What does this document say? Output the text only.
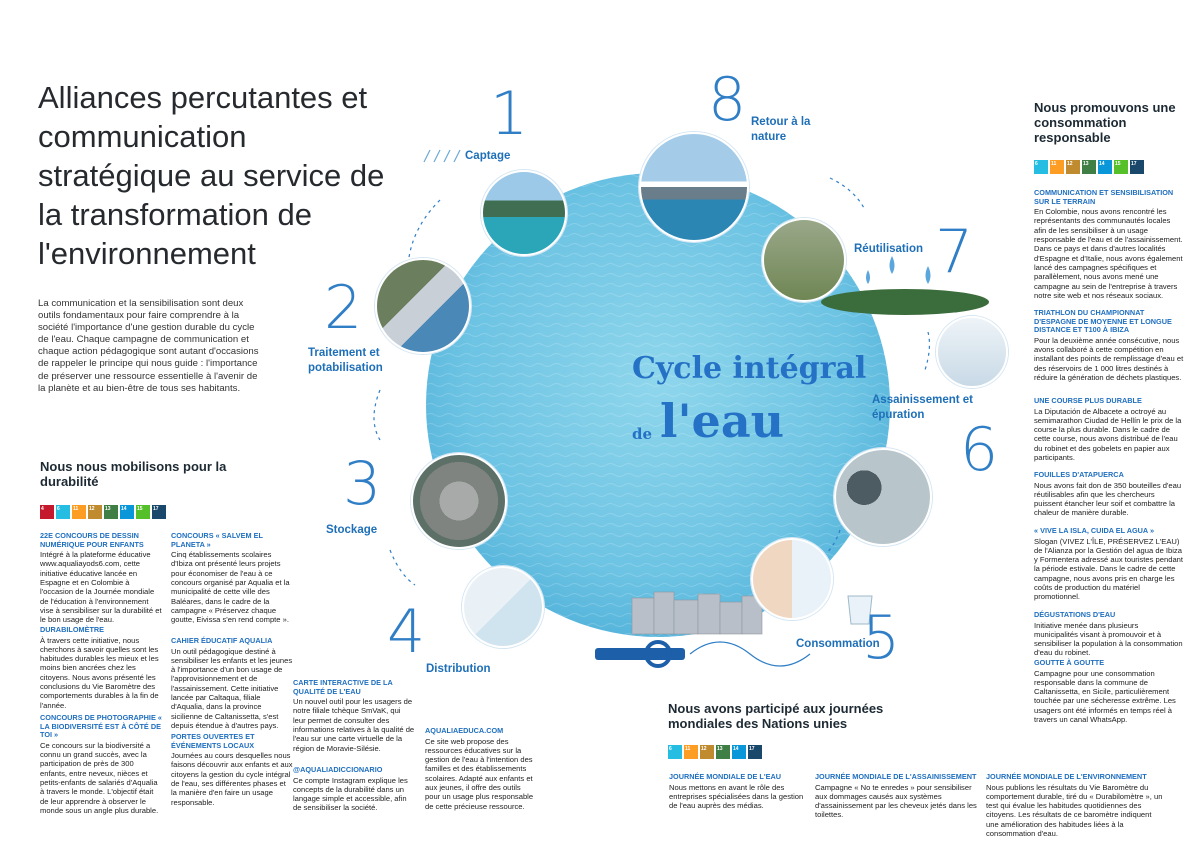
Alliances percutantes et communication stratégique au service de la transformation de l'environnement
La communication et la sensibilisation sont deux outils fondamentaux pour faire comprendre à la société l'importance d'une gestion durable du cycle de l'eau. Chaque campagne de communication et chaque action pédagogique sont autant d'occasions de rappeler le principe qui nous guide : l'importance de préserver une ressource essentielle à l'avenir de la planète et au bien-être de tous ses habitants.
Cycle intégral
de l'eau
1
Captage
2
Traitement et potabilisation
3
Stockage
4
Distribution	5
Consommation
6
Assainissement et épuration
7
Réutilisation
8 Retour à la nature
Nous nous mobilisons pour la durabilité
4	6	11	12	13	14	15	17
22E CONCOURS DE DESSIN NUMÉRIQUE POUR ENFANTS
Intégré à la plateforme éducative www.aqualiayods6.com, cette initiative éducative lancée en Espagne et en Colombie à l'occasion de la Journée mondiale de l'éducation à l'environnement vise à sensibiliser sur la durabilité et le bon usage de l'eau.
DURABILOMÈTRE
À travers cette initiative, nous cherchons à savoir quelles sont les habitudes durables les mieux et les moins bien ancrées chez les citoyens. Nous avons présenté les conclusions du Vie Baromètre des comportements durables à la fin de l'année.
CONCOURS DE PHOTOGRAPHIE « LA BIODIVERSITÉ EST À CÔTÉ DE TOI »
Ce concours sur la biodiversité a connu un grand succès, avec la participation de près de 300 enfants, entre neveux, nièces et petits-enfants de salariés d'Aqualia à travers le monde. L'objectif était de leur apprendre à observer le monde sous un angle plus durable.
CONCOURS « SALVEM EL PLANETA »
Cinq établissements scolaires d'Ibiza ont présenté leurs projets pour économiser de l'eau à ce concours organisé par Aqualia et la municipalité de cette ville des Baléares, dans le cadre de la campagne « Préservez chaque goutte, Eivissa s'en rend compte ».
CAHIER ÉDUCATIF AQUALIA
Un outil pédagogique destiné à sensibiliser les enfants et les jeunes à l'importance d'un bon usage de l'approvisionnement et de l'assainissement. Cette initiative lancée par Caltaqua, filiale d'Aqualia, dans la province sicilienne de Caltanissetta, s'est depuis étendue à d'autres pays.
PORTES OUVERTES ET ÉVÉNEMENTS LOCAUX
Journées au cours desquelles nous faisons découvrir aux enfants et aux citoyens la gestion du cycle intégral de l'eau, ses différentes phases et la manière d'en faire un usage responsable.
CARTE INTERACTIVE DE LA QUALITÉ DE L'EAU
Un nouvel outil pour les usagers de notre filiale tchèque SmVaK, qui leur permet de consulter des informations relatives à la qualité de l'eau sur une carte virtuelle de la région de Moravie-Silésie.
@AQUALIADICCIONARIO
Ce compte Instagram explique les concepts de la durabilité dans un langage simple et accessible, afin de sensibiliser la société.
AQUALIAEDUCA.COM
Ce site web propose des ressources éducatives sur la gestion de l'eau à l'intention des familles et des établissements scolaires. Adapté aux enfants et aux jeunes, il offre des outils pour un usage plus responsable de cette précieuse ressource.
Nous promouvons une consommation responsable
6	11	12	13	14	15	17
COMMUNICATION ET SENSIBILISATION SUR LE TERRAIN
En Colombie, nous avons rencontré les représentants des communautés locales afin de les sensibiliser à un usage responsable de l'eau et de l'assainissement. Dans ce pays et dans d'autres localités d'Espagne et d'Italie, nous avons également lancé des campagnes spécifiques et parallèlement, nous avons mené une campagne au sein de l'entreprise à travers notre site web et nos réseaux sociaux.
TRIATHLON DU CHAMPIONNAT D'ESPAGNE DE MOYENNE ET LONGUE DISTANCE ET T100 À IBIZA
Pour la deuxième année consécutive, nous avons collaboré à cette compétition en installant des points de remplissage d'eau et des réservoirs de 1 000 litres destinés à réduire la génération de déchets plastiques.
UNE COURSE PLUS DURABLE
La Diputación de Albacete a octroyé au semimarathon Ciudad de Hellín le prix de la course la plus durable. Dans le cadre de cette course, nous avons distribué de l'eau du robinet et des gobelets en papier aux participants.
FOUILLES D'ATAPUERCA
Nous avons fait don de 350 bouteilles d'eau réutilisables afin que les chercheurs puissent étancher leur soif et combattre la chaleur de manière durable.
« VIVE LA ISLA, CUIDA EL AGUA »
Slogan (VIVEZ L'ÎLE, PRÉSERVEZ L'EAU) de l'Alianza por la Gestión del agua de Ibiza y Formentera adressé aux touristes pendant la période estivale. Dans le cadre de cette campagne, nous avons pris en charge les coûts de production du matériel promotionnel.
DÉGUSTATIONS D'EAU
Initiative menée dans plusieurs municipalités visant à promouvoir et à sensibiliser la population à la consommation d'eau du robinet.
GOUTTE À GOUTTE
Campagne pour une consommation responsable dans la commune de Caltanissetta, en Sicile, particulièrement touchée par une sécheresse extrême. Les usagers ont été informés en temps réel à travers un canal WhatsApp.
Nous avons participé aux journées mondiales des Nations unies
6	11	12	13	14	17
JOURNÉE MONDIALE DE L'EAU
Nous mettons en avant le rôle des entreprises spécialisées dans la gestion de l'eau auprès des médias.
JOURNÉE MONDIALE DE L'ASSAINISSEMENT
Campagne « No te enredes » pour sensibiliser aux dommages causés aux systèmes d'assainissement par les cheveux jetés dans les toilettes.
JOURNÉE MONDIALE DE L'ENVIRONNEMENT
Nous publions les résultats du Vie Baromètre du comportement durable, tiré du « Durabilomètre », un test qui évalue les habitudes quotidiennes des citoyens. Les résultats de ce baromètre indiquent une amélioration des habitudes liées à la consommation d'eau.
